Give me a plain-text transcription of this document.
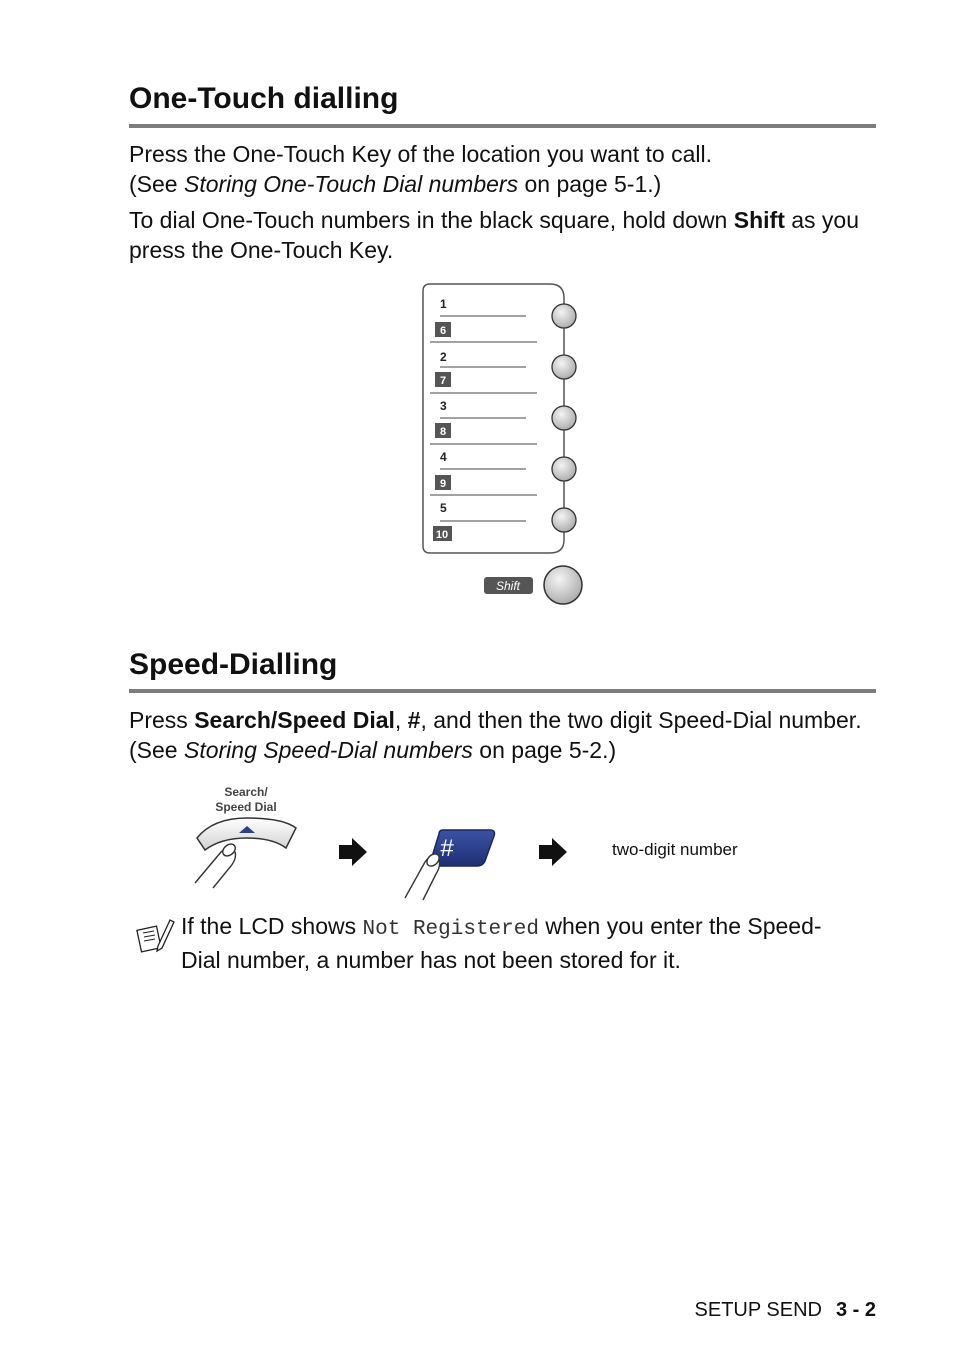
One-Touch dialling

Press the One-Touch Key of the location you want to call.
(See Storing One-Touch Dial numbers on page 5-1.)

To dial One-Touch numbers in the black square, hold down Shift as you press the One-Touch Key.

1
6
2
7
3
8
4
9
5
10
Shift
Speed-Dialling

Press Search/Speed Dial, #, and then the two digit Speed-Dial number. (See Storing Speed-Dial numbers on page 5-2.)

Search/
Speed Dial
#	two-digit number

If the LCD shows Not Registered when you enter the Speed-Dial number, a number has not been stored for it.

SETUP SEND 3 - 2
